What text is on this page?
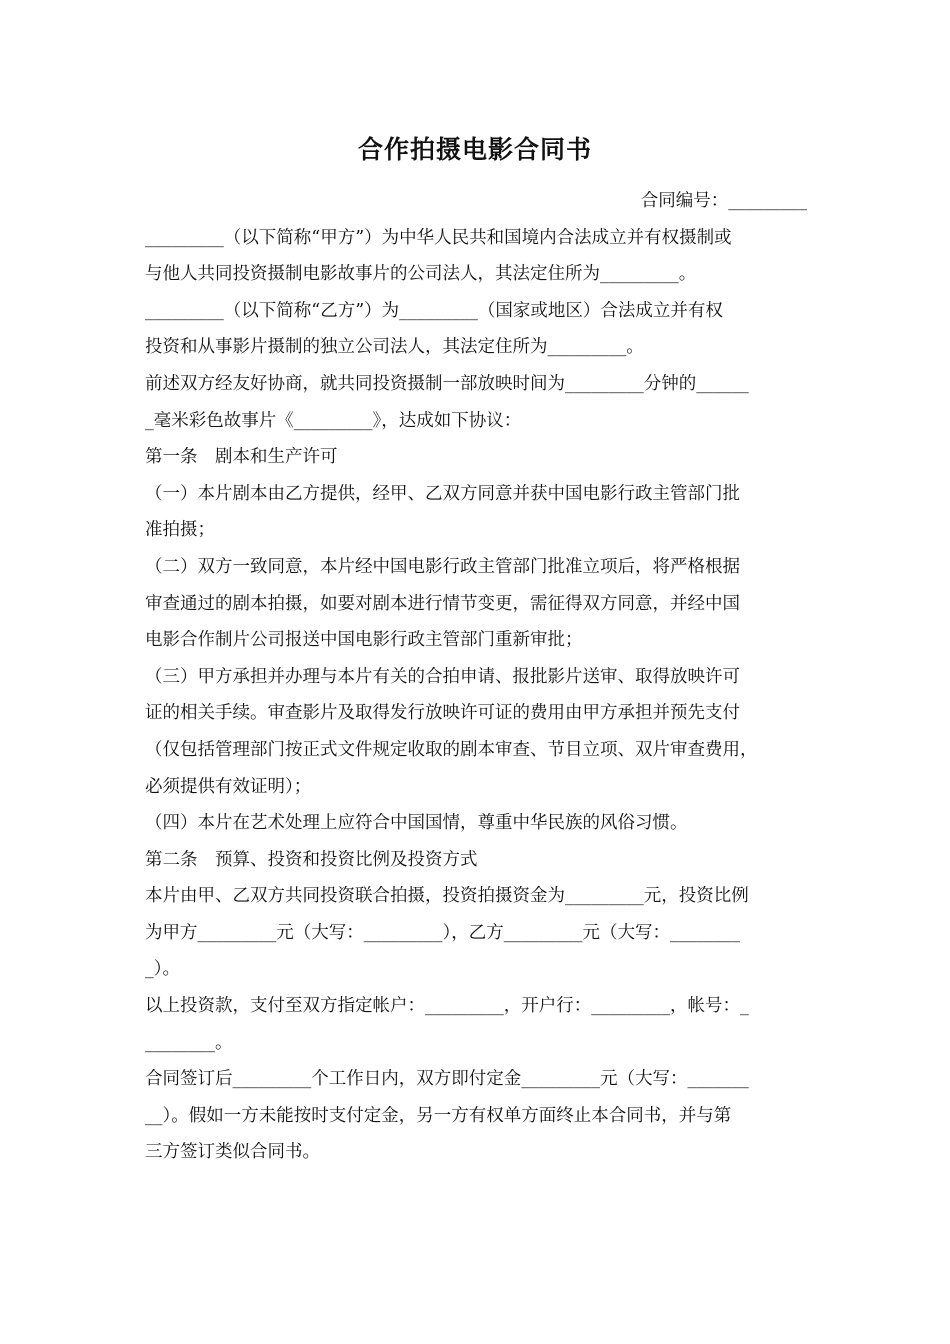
合作拍摄电影合同书
合同编号：_________
_________（以下简称“甲方”）为中华人民共和国境内合法成立并有权摄制或
与他人共同投资摄制电影故事片的公司法人，其法定住所为_________。
_________（以下简称“乙方”）为_________（国家或地区）合法成立并有权
投资和从事影片摄制的独立公司法人，其法定住所为_________。
前述双方经友好协商，就共同投资摄制一部放映时间为_________分钟的______
_毫米彩色故事片《_________》，达成如下协议：
第一条　剧本和生产许可
（一）本片剧本由乙方提供，经甲、乙双方同意并获中国电影行政主管部门批
准拍摄；
（二）双方一致同意，本片经中国电影行政主管部门批准立项后，将严格根据
审查通过的剧本拍摄，如要对剧本进行情节变更，需征得双方同意，并经中国
电影合作制片公司报送中国电影行政主管部门重新审批；
（三）甲方承担并办理与本片有关的合拍申请、报批影片送审、取得放映许可
证的相关手续。审查影片及取得发行放映许可证的费用由甲方承担并预先支付
（仅包括管理部门按正式文件规定收取的剧本审查、节目立项、双片审查费用，
必须提供有效证明）；
（四）本片在艺术处理上应符合中国国情，尊重中华民族的风俗习惯。
第二条　预算、投资和投资比例及投资方式
本片由甲、乙双方共同投资联合拍摄，投资拍摄资金为_________元，投资比例
为甲方_________元（大写：_________），乙方_________元（大写：________
_）。
以上投资款，支付至双方指定帐户：_________，开户行：_________，帐号：_
________。
合同签订后_________个工作日内，双方即付定金_________元（大写：_______
__）。假如一方未能按时支付定金，另一方有权单方面终止本合同书，并与第
三方签订类似合同书。
